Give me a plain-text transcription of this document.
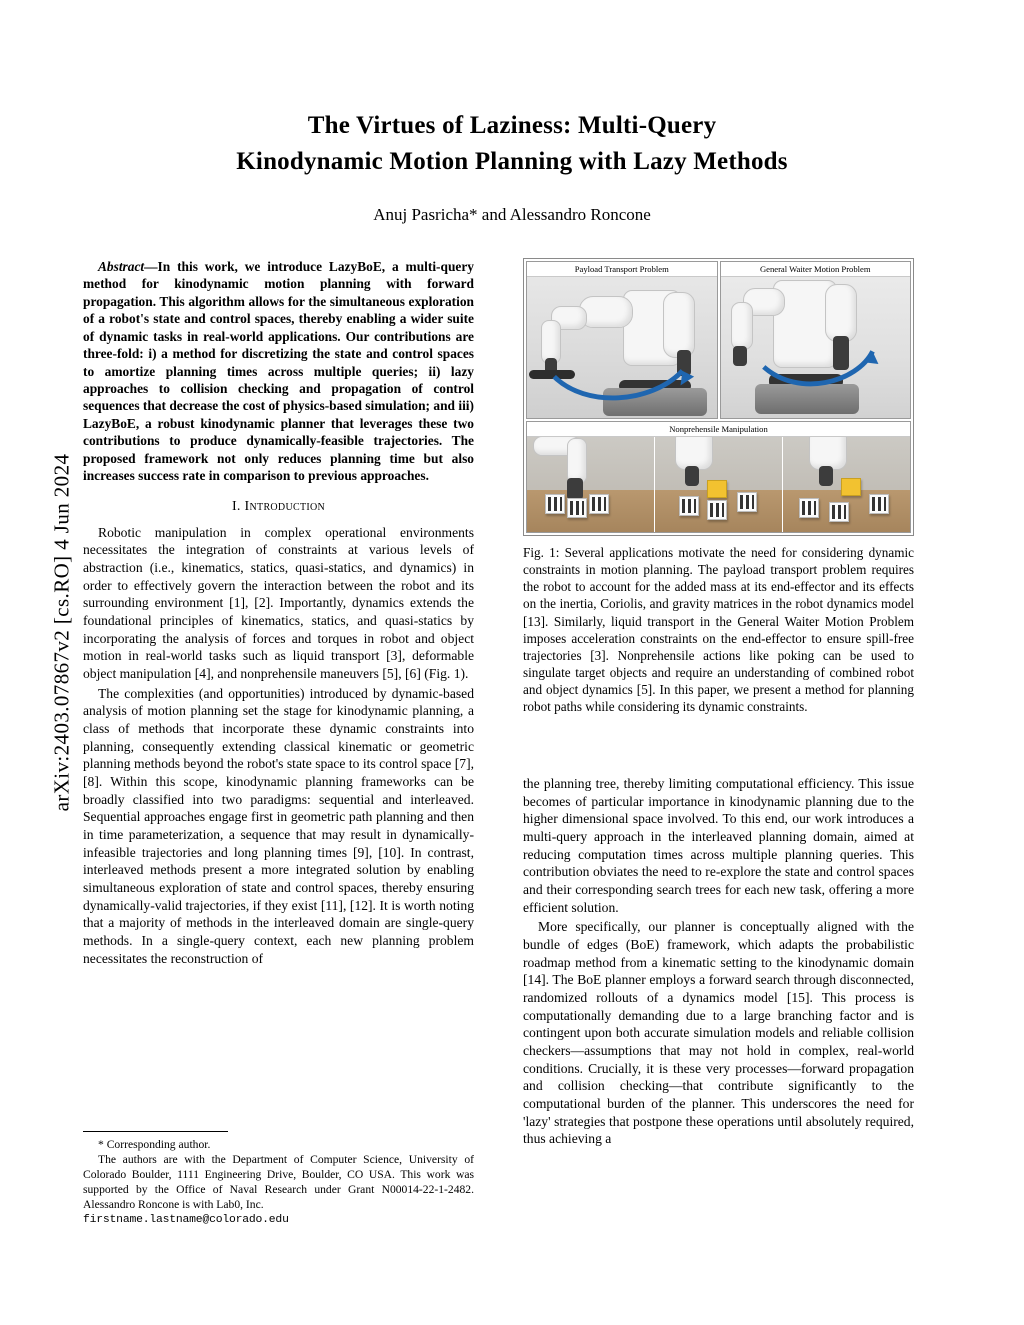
arXiv:2403.07867v2 [cs.RO] 4 Jun 2024
The Virtues of Laziness: Multi-Query
Kinodynamic Motion Planning with Lazy Methods
Anuj Pasricha* and Alessandro Roncone

Abstract—In this work, we introduce LazyBoE, a multi-query method for kinodynamic motion planning with forward propagation. This algorithm allows for the simultaneous exploration of a robot's state and control spaces, thereby enabling a wider suite of dynamic tasks in real-world applications. Our contributions are three-fold: i) a method for discretizing the state and control spaces to amortize planning times across multiple queries; ii) lazy approaches to collision checking and propagation of control sequences that decrease the cost of physics-based simulation; and iii) LazyBoE, a robust kinodynamic planner that leverages these two contributions to produce dynamically-feasible trajectories. The proposed framework not only reduces planning time but also increases success rate in comparison to previous approaches.

I. Introduction

Robotic manipulation in complex operational environments necessitates the integration of constraints at various levels of abstraction (i.e., kinematics, statics, quasi-statics, and dynamics) in order to effectively govern the interaction between the robot and its surrounding environment [1], [2]. Importantly, dynamics extends the foundational principles of kinematics, statics, and quasi-statics by incorporating the analysis of forces and torques in robot and object motion in real-world tasks such as liquid transport [3], deformable object manipulation [4], and nonprehensile maneuvers [5], [6] (Fig. 1).

The complexities (and opportunities) introduced by dynamic-based analysis of motion planning set the stage for kinodynamic planning, a class of methods that incorporate these dynamic constraints into planning, consequently extending classical kinematic or geometric planning methods beyond the robot's state space to its control space [7], [8]. Within this scope, kinodynamic planning frameworks can be broadly classified into two paradigms: sequential and interleaved. Sequential approaches engage first in geometric path planning and then in time parameterization, a sequence that may result in dynamically-infeasible trajectories and long planning times [9], [10]. In contrast, interleaved methods present a more integrated solution by enabling simultaneous exploration of state and control spaces, thereby ensuring dynamically-valid trajectories, if they exist [11], [12]. It is worth noting that a majority of methods in the interleaved domain are single-query methods. In a single-query context, each new planning problem necessitates the reconstruction of

* Corresponding author.
The authors are with the Department of Computer Science, University of Colorado Boulder, 1111 Engineering Drive, Boulder, CO USA. This work was supported by the Office of Naval Research under Grant N00014-22-1-2482. Alessandro Roncone is with Lab0, Inc.
firstname.lastname@colorado.edu
Payload Transport Problem	General Waiter Motion Problem
Nonprehensile Manipulation
Fig. 1: Several applications motivate the need for considering dynamic constraints in motion planning. The payload transport problem requires the robot to account for the added mass at its end-effector and its effects on the inertia, Coriolis, and gravity matrices in the robot dynamics model [13]. Similarly, liquid transport in the General Waiter Motion Problem imposes acceleration constraints on the end-effector to ensure spill-free trajectories [3]. Nonprehensile actions like poking can be used to singulate target objects and require an understanding of combined robot and object dynamics [5]. In this paper, we present a method for planning robot paths while considering its dynamic constraints.

the planning tree, thereby limiting computational efficiency. This issue becomes of particular importance in kinodynamic planning due to the higher dimensional space involved. To this end, our work introduces a multi-query approach in the interleaved planning domain, aimed at reducing computation times across multiple planning queries. This contribution obviates the need to re-explore the state and control spaces and their corresponding search trees for each new task, offering a more efficient solution.

More specifically, our planner is conceptually aligned with the bundle of edges (BoE) framework, which adapts the probabilistic roadmap method from a kinematic setting to the kinodynamic domain [14]. The BoE planner employs a forward search through disconnected, randomized rollouts of a dynamics model [15]. This process is computationally demanding due to a large branching factor and is contingent upon both accurate simulation models and reliable collision checkers—assumptions that may not hold in complex, real-world conditions. Crucially, it is these very processes—forward propagation and collision checking—that contribute significantly to the computational burden of the planner. This underscores the need for 'lazy' strategies that postpone these operations until absolutely required, thus achieving a
